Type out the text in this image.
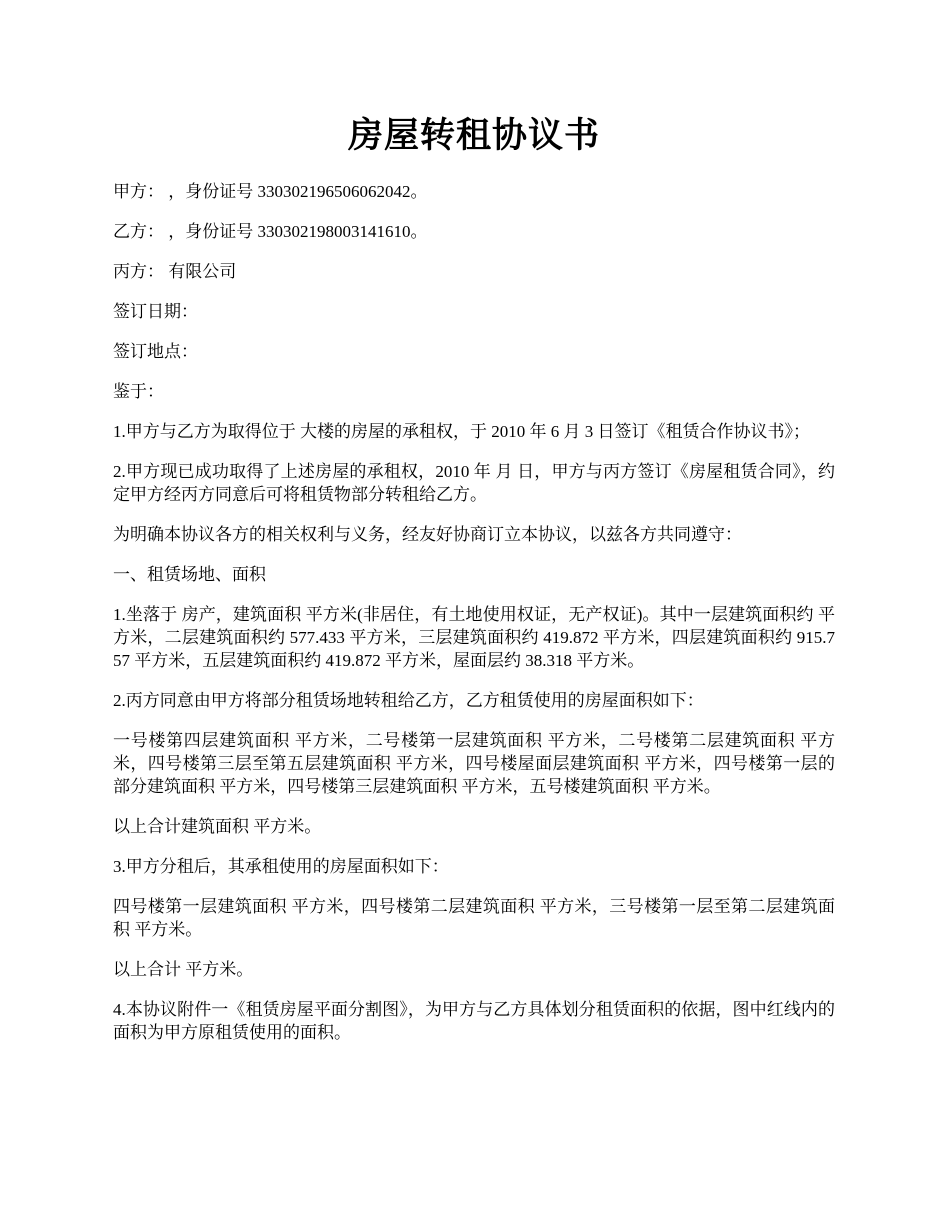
房屋转租协议书

甲方： ，身份证号 330302196506062042。

乙方： ，身份证号 330302198003141610。

丙方： 有限公司

签订日期：

签订地点：

鉴于：

1.甲方与乙方为取得位于 大楼的房屋的承租权，于 2010 年 6 月 3 日签订《租赁合作协议书》；

2.甲方现已成功取得了上述房屋的承租权，2010 年 月 日，甲方与丙方签订《房屋租赁合同》，约定甲方经丙方同意后可将租赁物部分转租给乙方。

为明确本协议各方的相关权利与义务，经友好协商订立本协议，以兹各方共同遵守：

一、租赁场地、面积

1.坐落于 房产，建筑面积 平方米(非居住，有土地使用权证，无产权证)。其中一层建筑面积约 平方米，二层建筑面积约 577.433 平方米，三层建筑面积约 419.872 平方米，四层建筑面积约 915.757 平方米，五层建筑面积约 419.872 平方米，屋面层约 38.318 平方米。

2.丙方同意由甲方将部分租赁场地转租给乙方，乙方租赁使用的房屋面积如下：

一号楼第四层建筑面积 平方米，二号楼第一层建筑面积 平方米，二号楼第二层建筑面积 平方米，四号楼第三层至第五层建筑面积 平方米，四号楼屋面层建筑面积 平方米，四号楼第一层的部分建筑面积 平方米，四号楼第三层建筑面积 平方米，五号楼建筑面积 平方米。

以上合计建筑面积 平方米。

3.甲方分租后，其承租使用的房屋面积如下：

四号楼第一层建筑面积 平方米，四号楼第二层建筑面积 平方米，三号楼第一层至第二层建筑面积 平方米。

以上合计 平方米。

4.本协议附件一《租赁房屋平面分割图》，为甲方与乙方具体划分租赁面积的依据，图中红线内的面积为甲方原租赁使用的面积。
